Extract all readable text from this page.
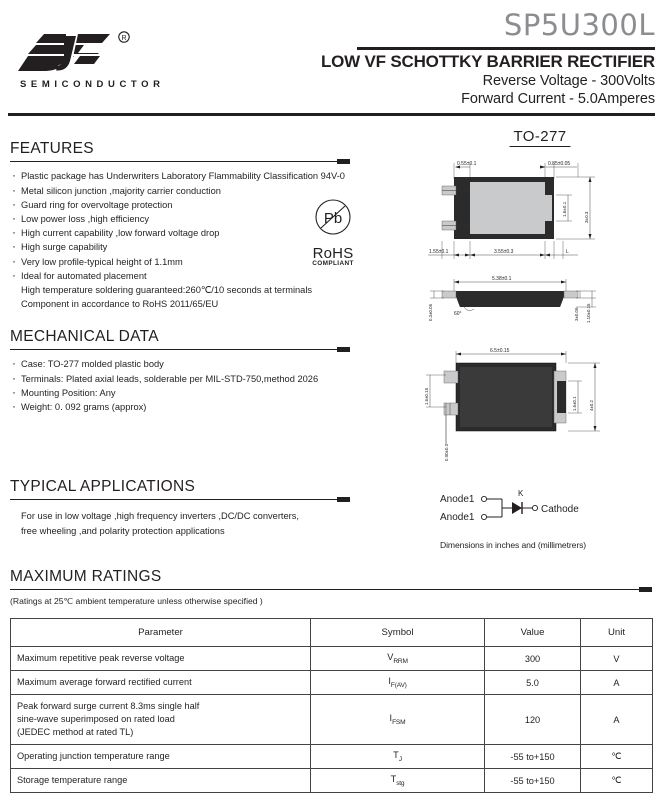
R
SEMICONDUCTOR
SP5U300L
LOW VF SCHOTTKY BARRIER RECTIFIER
Reverse Voltage - 300Volts
Forward Current - 5.0Amperes
FEATURES
· Plastic package has Underwriters Laboratory Flammability Classification 94V-0
· Metal silicon junction ,majority carrier conduction
· Guard ring for overvoltage protection
· Low power loss ,high efficiency
· High current capability ,low forward voltage drop
· High surge capability
· Very low profile-typical height of 1.1mm
· Ideal for automated placement
High temperature soldering guaranteed:260℃/10 seconds at terminals
Component in accordance to RoHS 2011/65/EU
Pb
RoHS
COMPLIANT
MECHANICAL DATA
· Case: TO-277 molded plastic body
· Terminals: Plated axial leads, solderable per MIL-STD-750,method 2026
· Mounting Position: Any
· Weight: 0. 092 grams (approx)
TYPICAL APPLICATIONS
For use in low voltage ,high frequency inverters ,DC/DC converters,
free wheeling ,and polarity protection applications
TO-277
0.55±0.1	0.85±0.05
1.6±0.1
3±0.3
1.55±0.1	3.55±0.3	L
5.38±0.1
60°
0.3±0.06	3±0.06 1.10±0.15
6.5±0.15
1.6±0.15
0.90±0.1
1.6±0.1	4±0.2
Anode1
Anode1
K
Cathode
Dimensions in inches and (millimetrers)
MAXIMUM RATINGS
(Ratings at 25℃ ambient temperature unless otherwise specified )
Parameter	Symbol	Value	Unit
Maximum repetitive peak reverse voltage	$V_{RRM}$	300	V
Maximum average forward rectified current	$I_{F(AV)}$	5.0	A
Peak forward surge current 8.3ms single half
sine-wave superimposed on rated load
(JEDEC method at rated TL)	$I_{FSM}$	120	A
Operating junction temperature range	$T_J$	-55 to+150	℃
Storage temperature range	$T_{stg}$	-55 to+150	℃
